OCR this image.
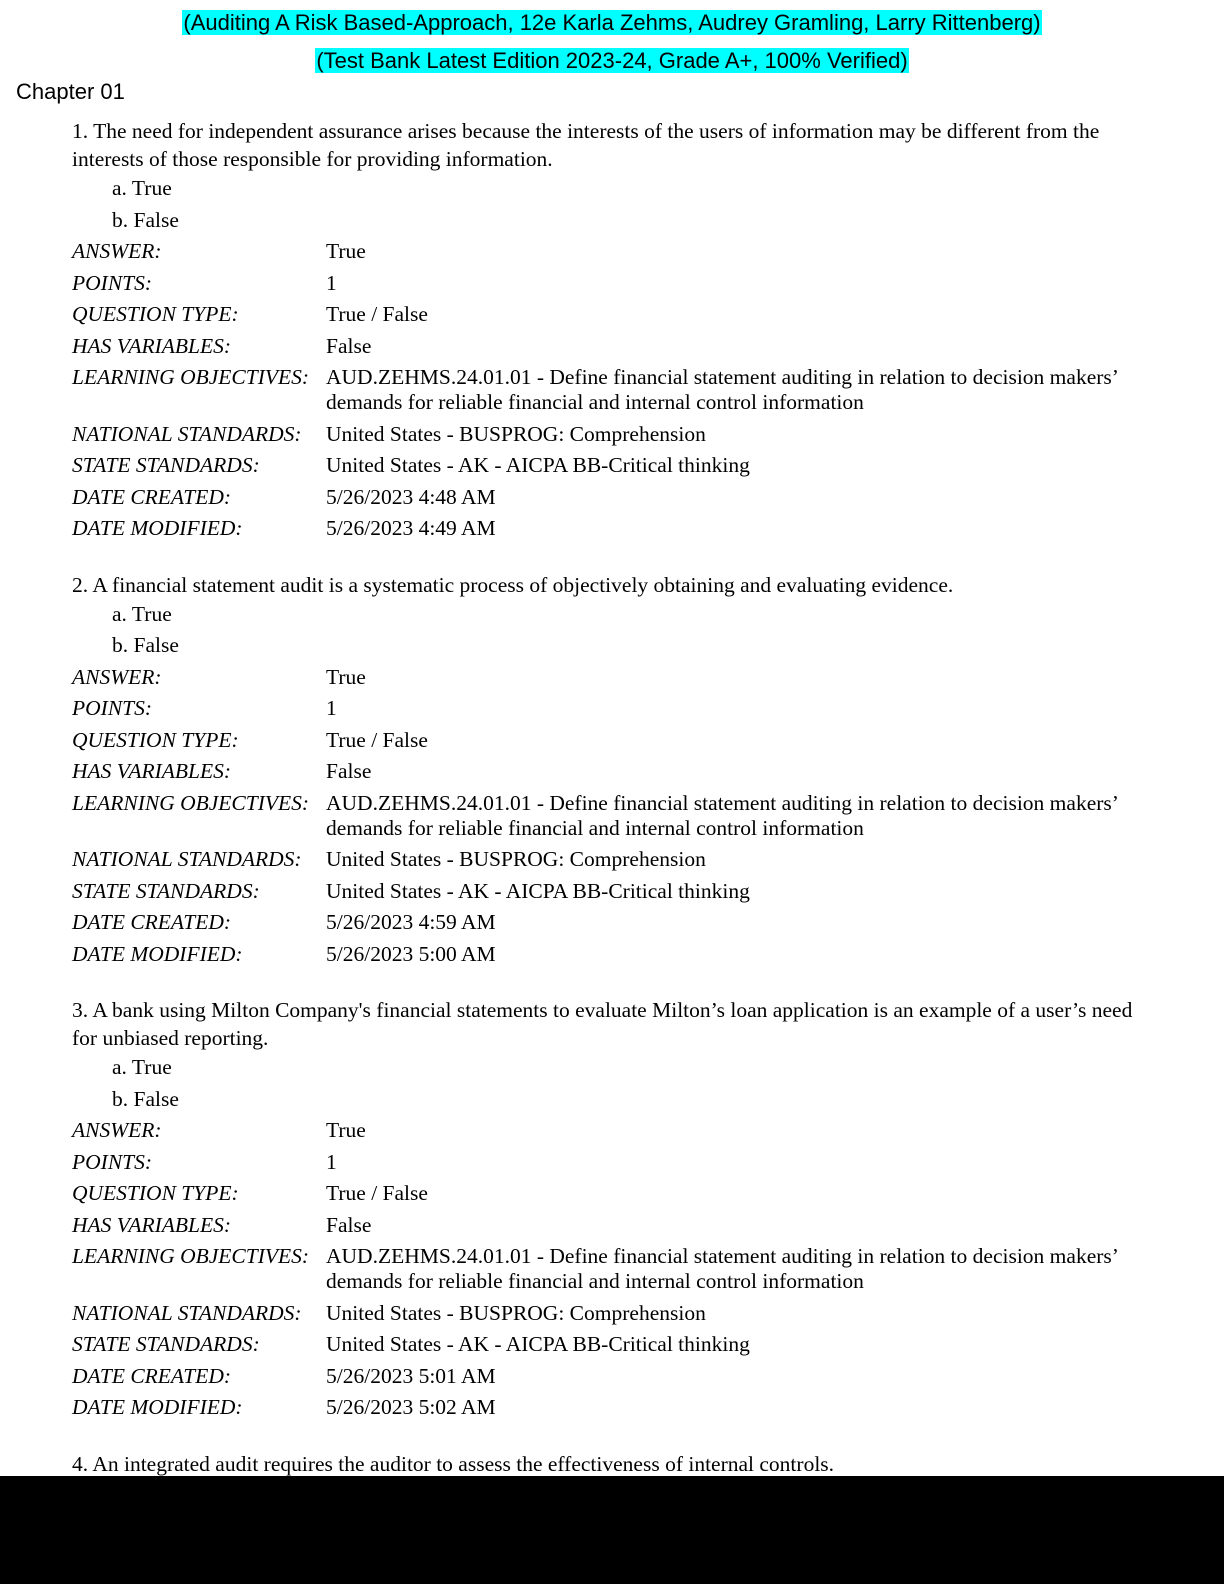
(Auditing A Risk Based-Approach, 12e Karla Zehms, Audrey Gramling, Larry Rittenberg)
(Test Bank Latest Edition 2023-24, Grade A+, 100% Verified)
Chapter 01

1. The need for independent assurance arises because the interests of the users of information may be different from the interests of those responsible for providing information.

a. True
b. False
ANSWER:	True
POINTS:	1
QUESTION TYPE:	True / False
HAS VARIABLES:	False
LEARNING OBJECTIVES: AUD.ZEHMS.24.01.01 - Define financial statement auditing in relation to decision makers’ demands for reliable financial and internal control information
NATIONAL STANDARDS:	United States - BUSPROG: Comprehension
STATE STANDARDS:	United States - AK - AICPA BB-Critical thinking
DATE CREATED:	5/26/2023 4:48 AM
DATE MODIFIED:	5/26/2023 4:49 AM

2. A financial statement audit is a systematic process of objectively obtaining and evaluating evidence.

a. True
b. False
ANSWER:	True
POINTS:	1
QUESTION TYPE:	True / False
HAS VARIABLES:	False
LEARNING OBJECTIVES: AUD.ZEHMS.24.01.01 - Define financial statement auditing in relation to decision makers’ demands for reliable financial and internal control information
NATIONAL STANDARDS:	United States - BUSPROG: Comprehension
STATE STANDARDS:	United States - AK - AICPA BB-Critical thinking
DATE CREATED:	5/26/2023 4:59 AM
DATE MODIFIED:	5/26/2023 5:00 AM

3. A bank using Milton Company's financial statements to evaluate Milton’s loan application is an example of a user’s need for unbiased reporting.

a. True
b. False
ANSWER:	True
POINTS:	1
QUESTION TYPE:	True / False
HAS VARIABLES:	False
LEARNING OBJECTIVES: AUD.ZEHMS.24.01.01 - Define financial statement auditing in relation to decision makers’ demands for reliable financial and internal control information
NATIONAL STANDARDS:	United States - BUSPROG: Comprehension
STATE STANDARDS:	United States - AK - AICPA BB-Critical thinking
DATE CREATED:	5/26/2023 5:01 AM
DATE MODIFIED:	5/26/2023 5:02 AM

4. An integrated audit requires the auditor to assess the effectiveness of internal controls.
